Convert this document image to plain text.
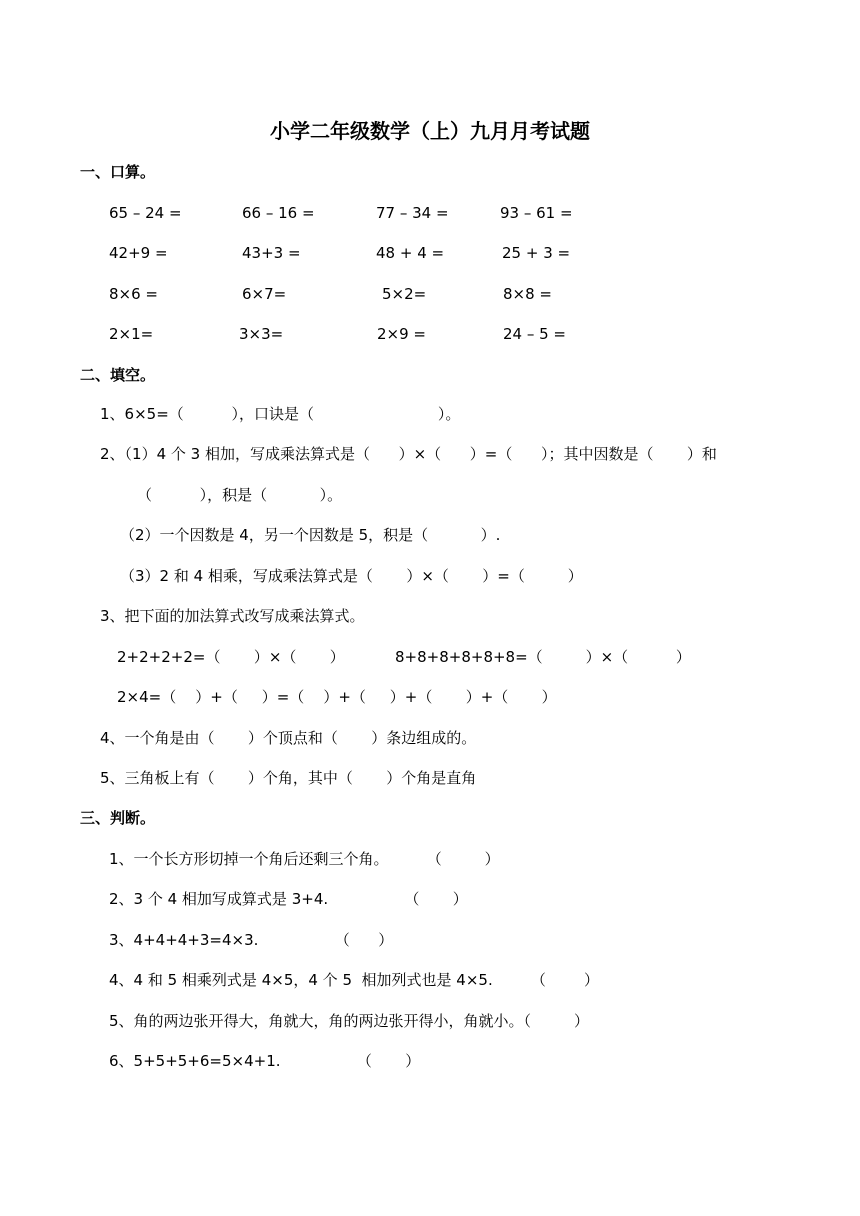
小学二年级数学（上）九月月考试题
一、口算。
65 – 24 =	66 – 16 =	77 – 34 =	93 – 61 =
42+9 =	43+3 =	48 + 4 =	25 + 3 =
8×6 =	6×7=	5×2=	8×8 =
2×1=	3×3=	2×9 =	24 – 5 =
二、填空。
1、6×5=（          ），口诀是（                          ）。
2、（1）4 个 3 相加，写成乘法算式是（      ）×（      ）=（      ）；其中因数是（       ）和
（          ），积是（           ）。
（2）一个因数是 4，另一个因数是 5，积是（           ）.
（3）2 和 4 相乘，写成乘法算式是（       ）×（       ）=（         ）
3、把下面的加法算式改写成乘法算式。
2+2+2+2=（       ）×（       ）	8+8+8+8+8+8=（         ）×（          ）
2×4=（    ）+（     ）=（    ）+（     ）+（       ）+（       ）
4、一个角是由（       ）个顶点和（       ）条边组成的。
5、三角板上有（       ）个角，其中（       ）个角是直角
三、判断。
1、一个长方形切掉一个角后还剩三个角。        （         ）
2、3 个 4 相加写成算式是 3+4.                （       ）
3、4+4+4+3=4×3.                （      ）
4、4 和 5 相乘列式是 4×5，4 个 5  相加列式也是 4×5.        （        ）
5、角的两边张开得大，角就大，角的两边张开得小，角就小。（         ）
6、5+5+5+6=5×4+1.                （       ）
